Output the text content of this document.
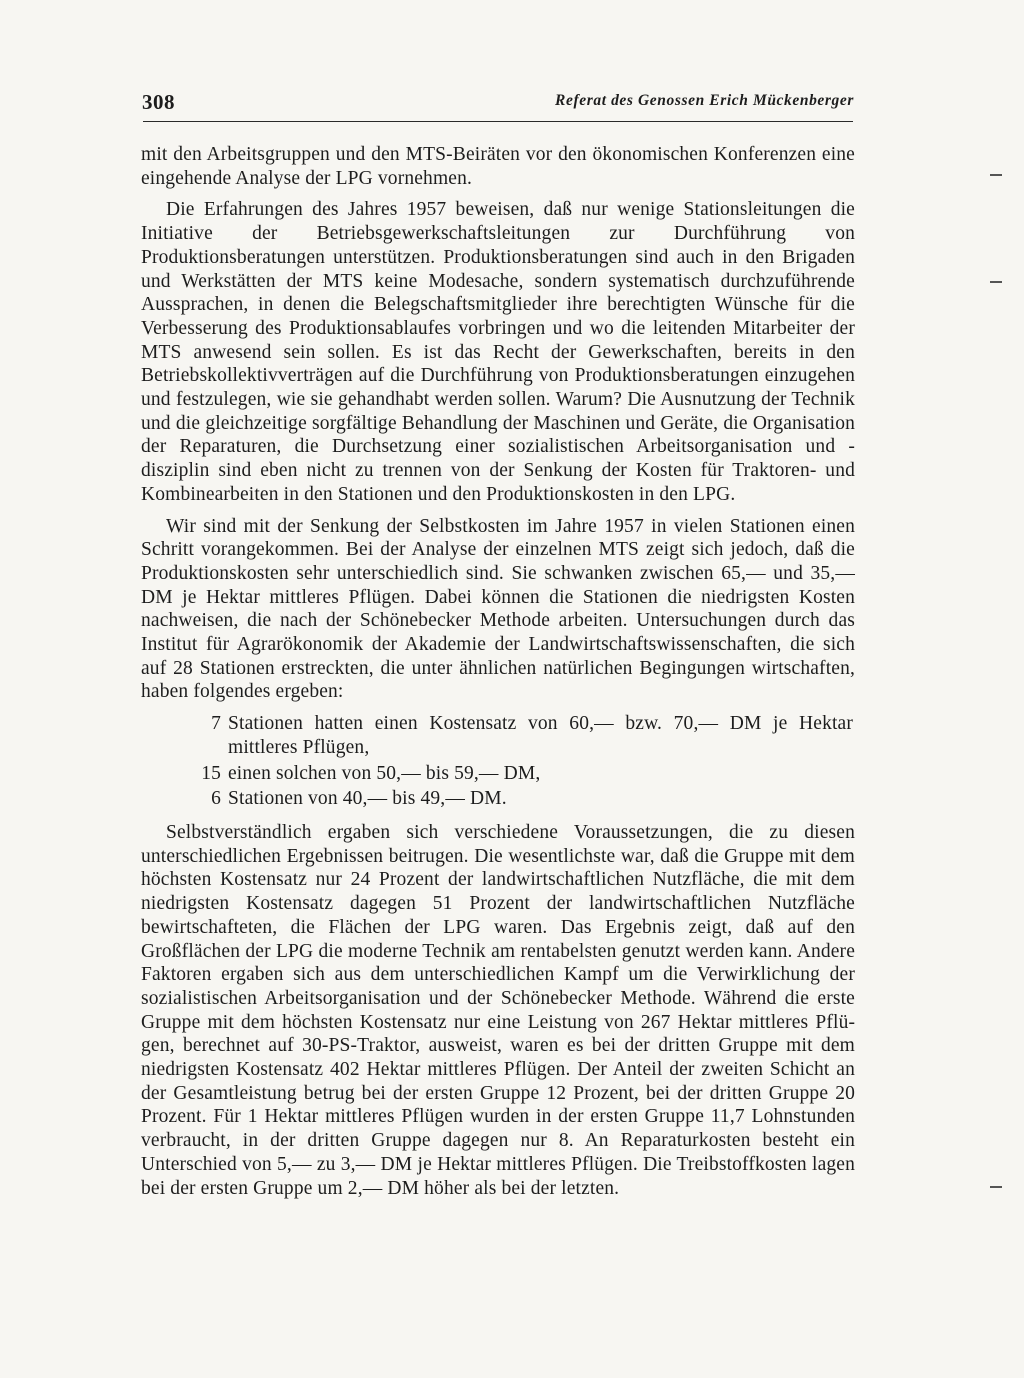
308	Referat des Genossen Erich Mückenberger

mit den Arbeitsgruppen und den MTS-Beiräten vor den ökonomischen Konferenzen eine eingehende Analyse der LPG vornehmen.

Die Erfahrungen des Jahres 1957 beweisen, daß nur wenige Stationsleitungen die Initiative der Betriebsgewerkschaftsleitungen zur Durchführung von Produktionsberatungen unterstützen. Produktionsberatungen sind auch in den Brigaden und Werkstätten der MTS keine Modesache, sondern systematisch durchzuführende Aussprachen, in denen die Belegschaftsmitglieder ihre berechtigten Wünsche für die Verbesserung des Produktionsablaufes vorbringen und wo die leitenden Mitarbeiter der MTS anwesend sein sollen. Es ist das Recht der Gewerkschaften, bereits in den Betriebskollektivverträgen auf die Durchführung von Produktionsberatungen einzugehen und festzulegen, wie sie gehandhabt werden sollen. Warum? Die Ausnutzung der Technik und die gleichzeitige sorgfältige Behandlung der Maschinen und Geräte, die Organisation der Reparaturen, die Durchsetzung einer sozialistischen Arbeitsorganisation und -disziplin sind eben nicht zu trennen von der Senkung der Kosten für Traktoren- und Kombinearbeiten in den Stationen und den Produktionskosten in den LPG.

Wir sind mit der Senkung der Selbstkosten im Jahre 1957 in vielen Stationen einen Schritt vorangekommen. Bei der Analyse der einzelnen MTS zeigt sich jedoch, daß die Produktionskosten sehr unterschiedlich sind. Sie schwanken zwischen 65,— und 35,— DM je Hektar mittleres Pflügen. Dabei können die Stationen die niedrigsten Kosten nachweisen, die nach der Schönebecker Methode arbeiten. Untersuchungen durch das Institut für Agrarökonomik der Akademie der Landwirtschaftswissenschaften, die sich auf 28 Stationen erstreckten, die unter ähnlichen natürlichen Begingungen wirtschaften, haben folgendes ergeben:

7 Stationen hatten einen Kostensatz von 60,— bzw. 70,— DM je Hektar mittleres Pflügen,
15 einen solchen von 50,— bis 59,— DM,
6 Stationen von 40,— bis 49,— DM.

Selbstverständlich ergaben sich verschiedene Voraussetzungen, die zu diesen unterschiedlichen Ergebnissen beitrugen. Die wesentlichste war, daß die Gruppe mit dem höchsten Kostensatz nur 24 Prozent der landwirtschaftlichen Nutzfläche, die mit dem niedrigsten Kostensatz dagegen 51 Prozent der landwirtschaftlichen Nutzfläche bewirtschafteten, die Flächen der LPG waren. Das Ergebnis zeigt, daß auf den Großflächen der LPG die moderne Technik am rentabelsten genutzt werden kann. Andere Faktoren ergaben sich aus dem unterschiedlichen Kampf um die Verwirklichung der sozialistischen Arbeitsorganisation und der Schönebecker Methode. Während die erste Gruppe mit dem höchsten Kostensatz nur eine Leistung von 267 Hektar mittleres Pflügen, berechnet auf 30-PS-Traktor, ausweist, waren es bei der dritten Gruppe mit dem niedrigsten Kostensatz 402 Hektar mittleres Pflügen. Der Anteil der zweiten Schicht an der Gesamtleistung betrug bei der ersten Gruppe 12 Prozent, bei der dritten Gruppe 20 Prozent. Für 1 Hektar mittleres Pflügen wurden in der ersten Gruppe 11,7 Lohnstunden verbraucht, in der dritten Gruppe dagegen nur 8. An Reparaturkosten besteht ein Unterschied von 5,— zu 3,— DM je Hektar mittleres Pflügen. Die Treibstoffkosten lagen bei der ersten Gruppe um 2,— DM höher als bei der letzten.
